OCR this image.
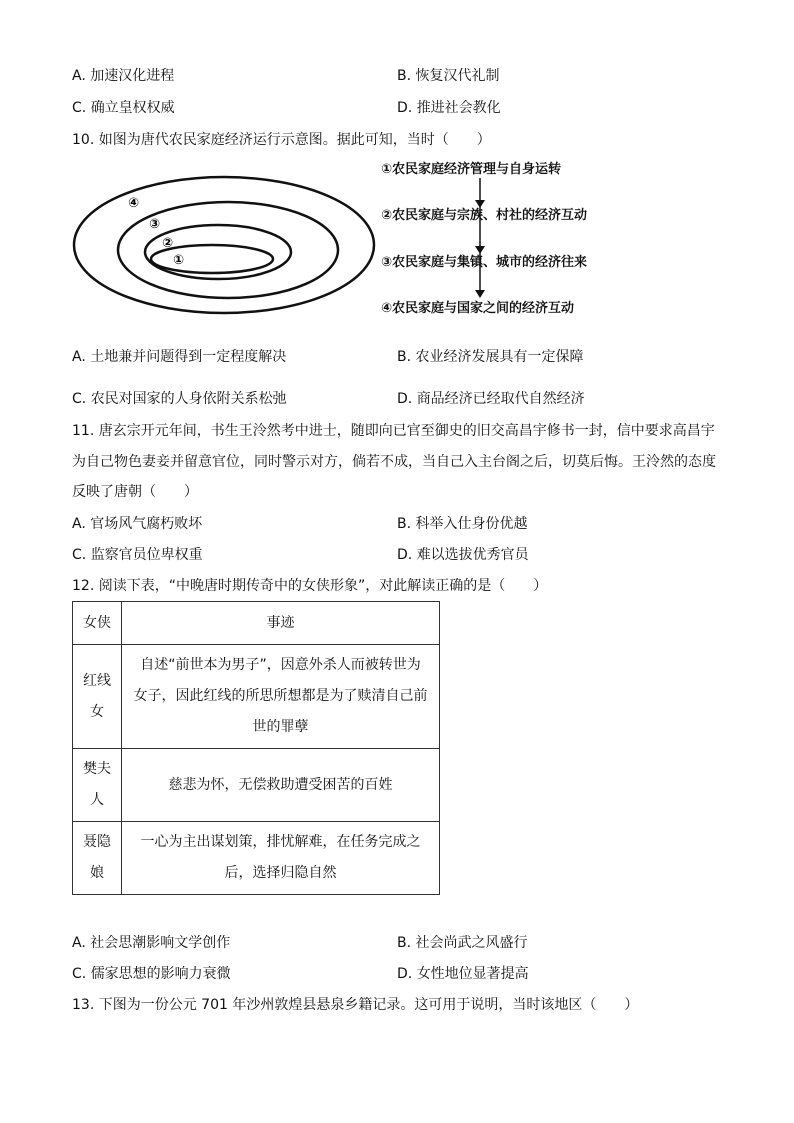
A. 加速汉化进程	B. 恢复汉代礼制
C. 确立皇权权威	D. 推进社会教化
10. 如图为唐代农民家庭经济运行示意图。据此可知，当时（　　）
④
③
②
①
①农民家庭经济管理与自身运转
②农民家庭与宗族、村社的经济互动
③农民家庭与集镇、城市的经济往来
④农民家庭与国家之间的经济互动
A. 土地兼并问题得到一定程度解决	B. 农业经济发展具有一定保障
C. 农民对国家的人身依附关系松弛	D. 商品经济已经取代自然经济
11. 唐玄宗开元年间，书生王泠然考中进士，随即向已官至御史的旧交高昌宇修书一封，信中要求高昌宇
为自己物色妻妾并留意官位，同时警示对方，倘若不成，当自己入主台阁之后，切莫后悔。王泠然的态度
反映了唐朝（　　）
A. 官场风气腐朽败坏	B. 科举入仕身份优越
C. 监察官员位卑权重	D. 难以选拔优秀官员
12. 阅读下表，“中晚唐时期传奇中的女侠形象”，对此解读正确的是（　　）
女侠	事迹

红线
女	自述“前世本为男子”，因意外杀人而被转世为
女子，因此红线的所思所想都是为了赎清自己前
世的罪孽

樊夫
人	慈悲为怀，无偿救助遭受困苦的百姓

聂隐
娘	一心为主出谋划策，排忧解难，在任务完成之
后，选择归隐自然
A. 社会思潮影响文学创作	B. 社会尚武之风盛行
C. 儒家思想的影响力衰微	D. 女性地位显著提高
13. 下图为一份公元 701 年沙州敦煌县悬泉乡籍记录。这可用于说明，当时该地区（　　）
